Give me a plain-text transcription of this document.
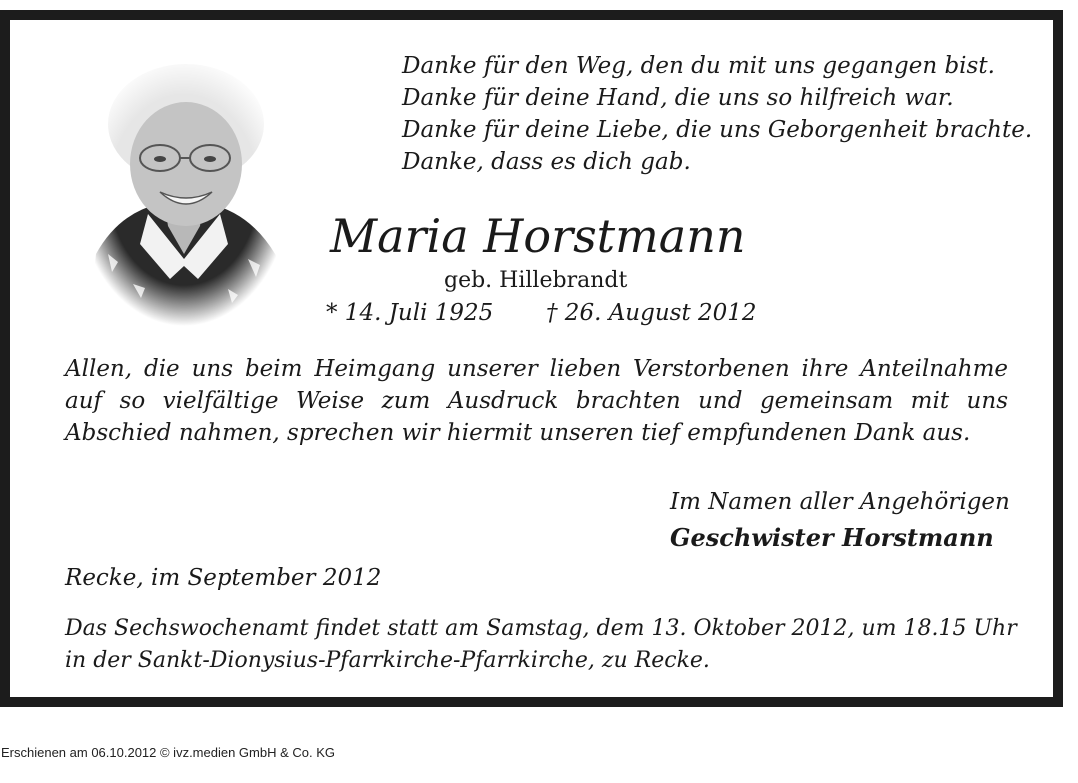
Danke für den Weg, den du mit uns gegangen bist.
Danke für deine Hand, die uns so hilfreich war.
Danke für deine Liebe, die uns Geborgenheit brachte.
Danke, dass es dich gab.
Maria Horstmann
geb. Hillebrandt
* 14. Juli 1925 † 26. August 2012
Allen, die uns beim Heimgang unserer lieben Verstorbenen ihre Anteilnahme auf so vielfältige Weise zum Ausdruck brachten und gemeinsam mit uns Abschied nahmen, sprechen wir hiermit unseren tief empfundenen Dank aus.
Im Namen aller Angehörigen
Geschwister Horstmann
Recke, im September 2012
Das Sechswochenamt findet statt am Samstag, dem 13. Oktober 2012, um 18.15 Uhr
in der Sankt-Dionysius-Pfarrkirche-Pfarrkirche, zu Recke.
Erschienen am 06.10.2012 © ivz.medien GmbH & Co. KG
